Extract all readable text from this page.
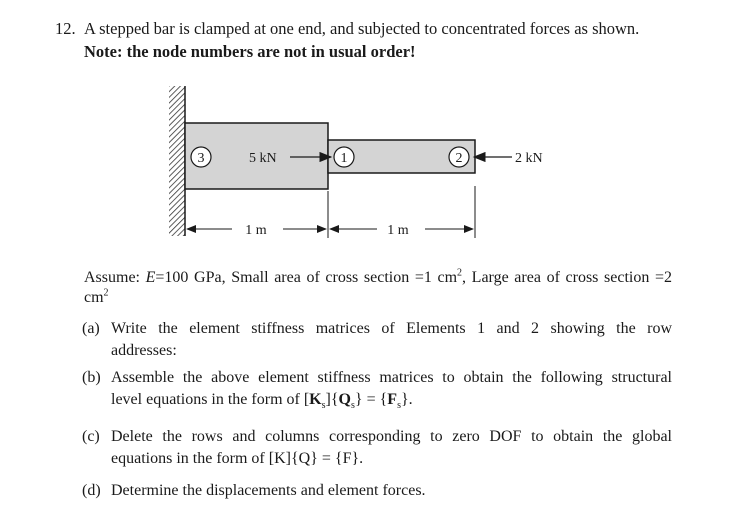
12. A stepped bar is clamped at one end, and subjected to concentrated forces as shown.
Note: the node numbers are not in usual order!
3	1	2
5 kN	2 kN
1 m	1 m
Assume: E=100 GPa, Small area of cross section =1 $cm^2$, Large area of cross section =2 $cm^2$
(a) Write the element stiffness matrices of Elements 1 and 2 showing the row
addresses:
(b) Assemble the above element stiffness matrices to obtain the following structural
level equations in the form of $[K_s]\{Q_s\} = \{F_s\}$.
(c) Delete the rows and columns corresponding to zero DOF to obtain the global
equations in the form of [K]{Q} = {F}.
(d) Determine the displacements and element forces.
